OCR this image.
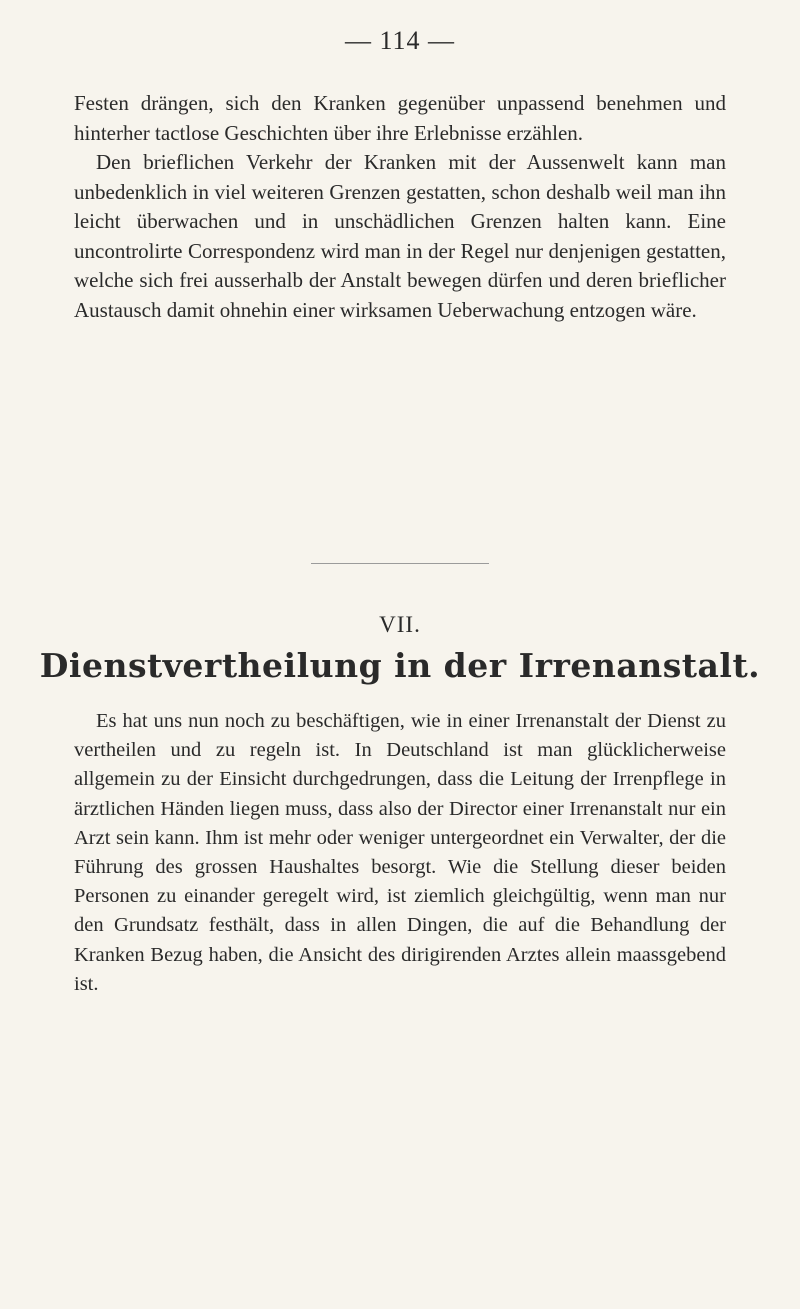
— 114 —

Festen drängen, sich den Kranken gegenüber unpassend benehmen und hinterher tactlose Geschichten über ihre Erlebnisse erzählen.

Den brieflichen Verkehr der Kranken mit der Aussenwelt kann man unbedenklich in viel weiteren Grenzen gestatten, schon deshalb weil man ihn leicht überwachen und in unschädlichen Grenzen halten kann. Eine uncontrolirte Correspondenz wird man in der Regel nur denjenigen gestatten, welche sich frei ausserhalb der Anstalt bewegen dürfen und deren brieflicher Austausch damit ohnehin einer wirksamen Ueberwachung entzogen wäre.

VII.
Dienstvertheilung in der Irrenanstalt.

Es hat uns nun noch zu beschäftigen, wie in einer Irrenanstalt der Dienst zu vertheilen und zu regeln ist. In Deutschland ist man glücklicherweise allgemein zu der Einsicht durchgedrungen, dass die Leitung der Irrenpflege in ärztlichen Händen liegen muss, dass also der Director einer Irrenanstalt nur ein Arzt sein kann. Ihm ist mehr oder weniger untergeordnet ein Verwalter, der die Führung des grossen Haushaltes besorgt. Wie die Stellung dieser beiden Personen zu einander geregelt wird, ist ziemlich gleichgültig, wenn man nur den Grundsatz festhält, dass in allen Dingen, die auf die Behandlung der Kranken Bezug haben, die Ansicht des dirigirenden Arztes allein maassgebend ist.
